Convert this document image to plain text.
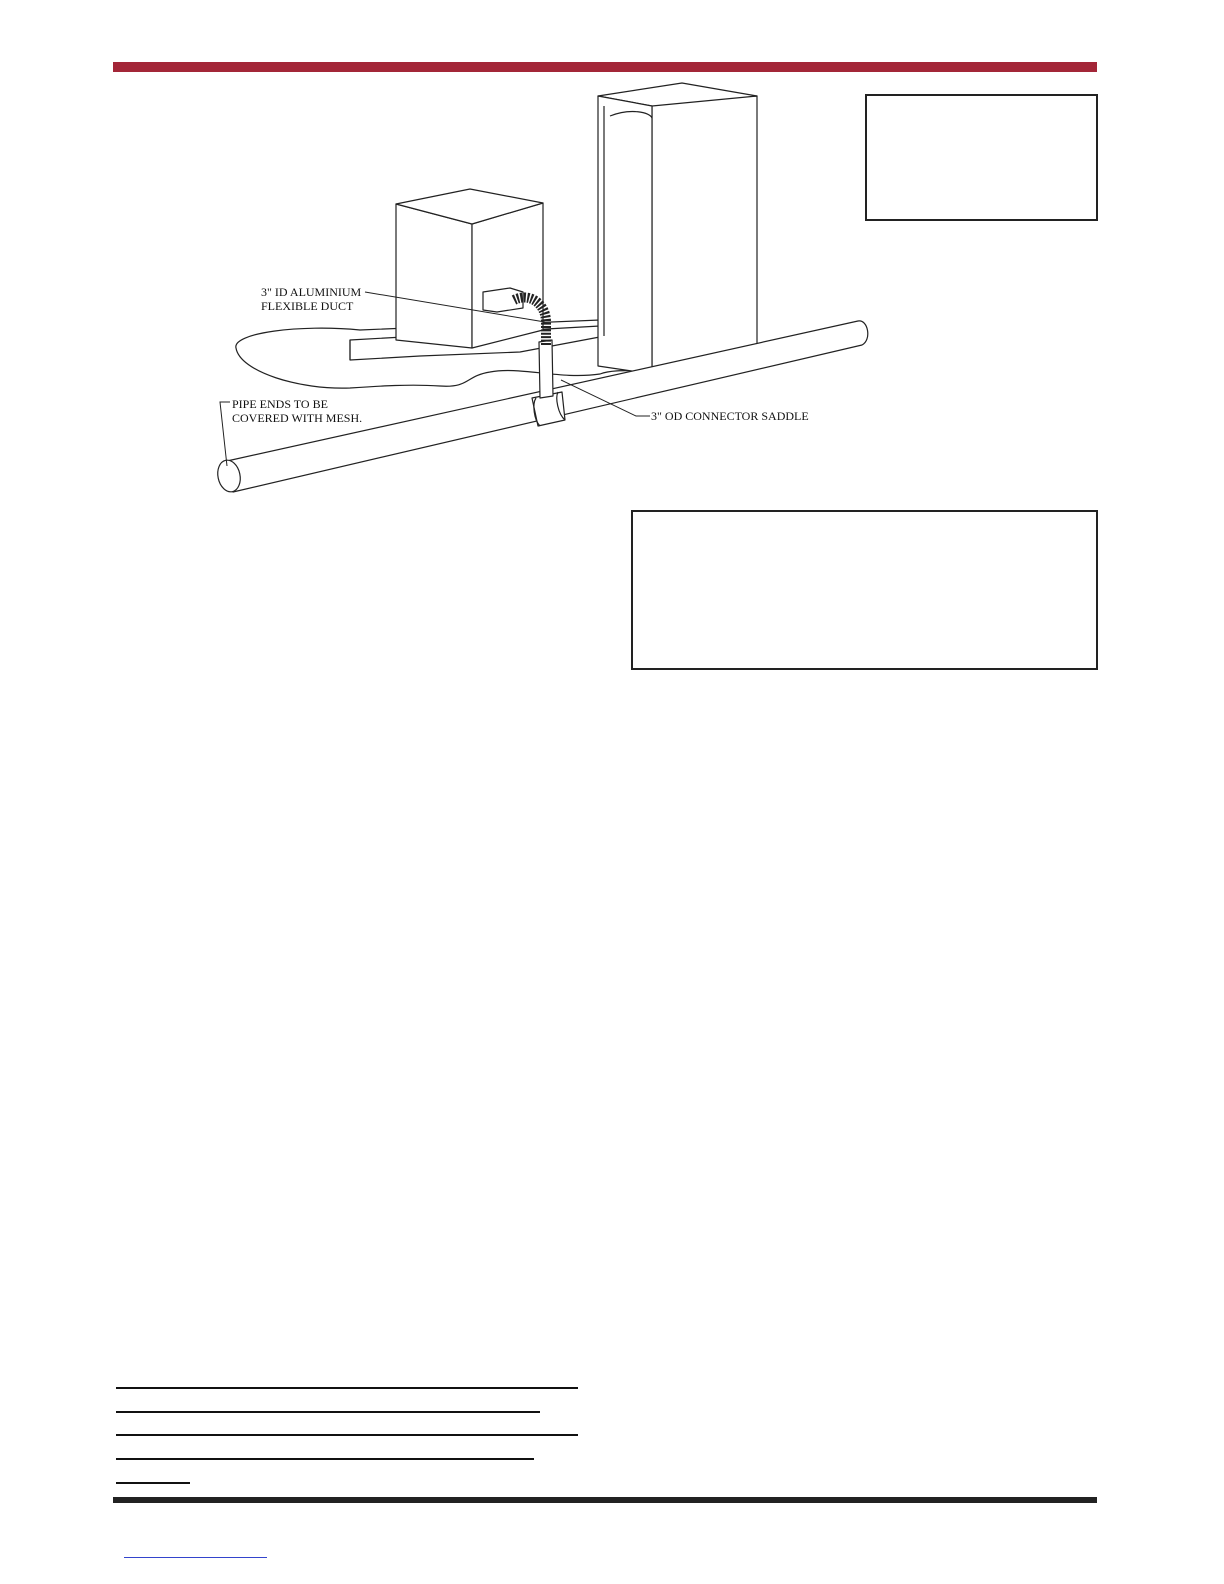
3" ID ALUMINIUM
FLEXIBLE DUCT
PIPE ENDS TO BE
COVERED WITH MESH.	3" OD CONNECTOR SADDLE
